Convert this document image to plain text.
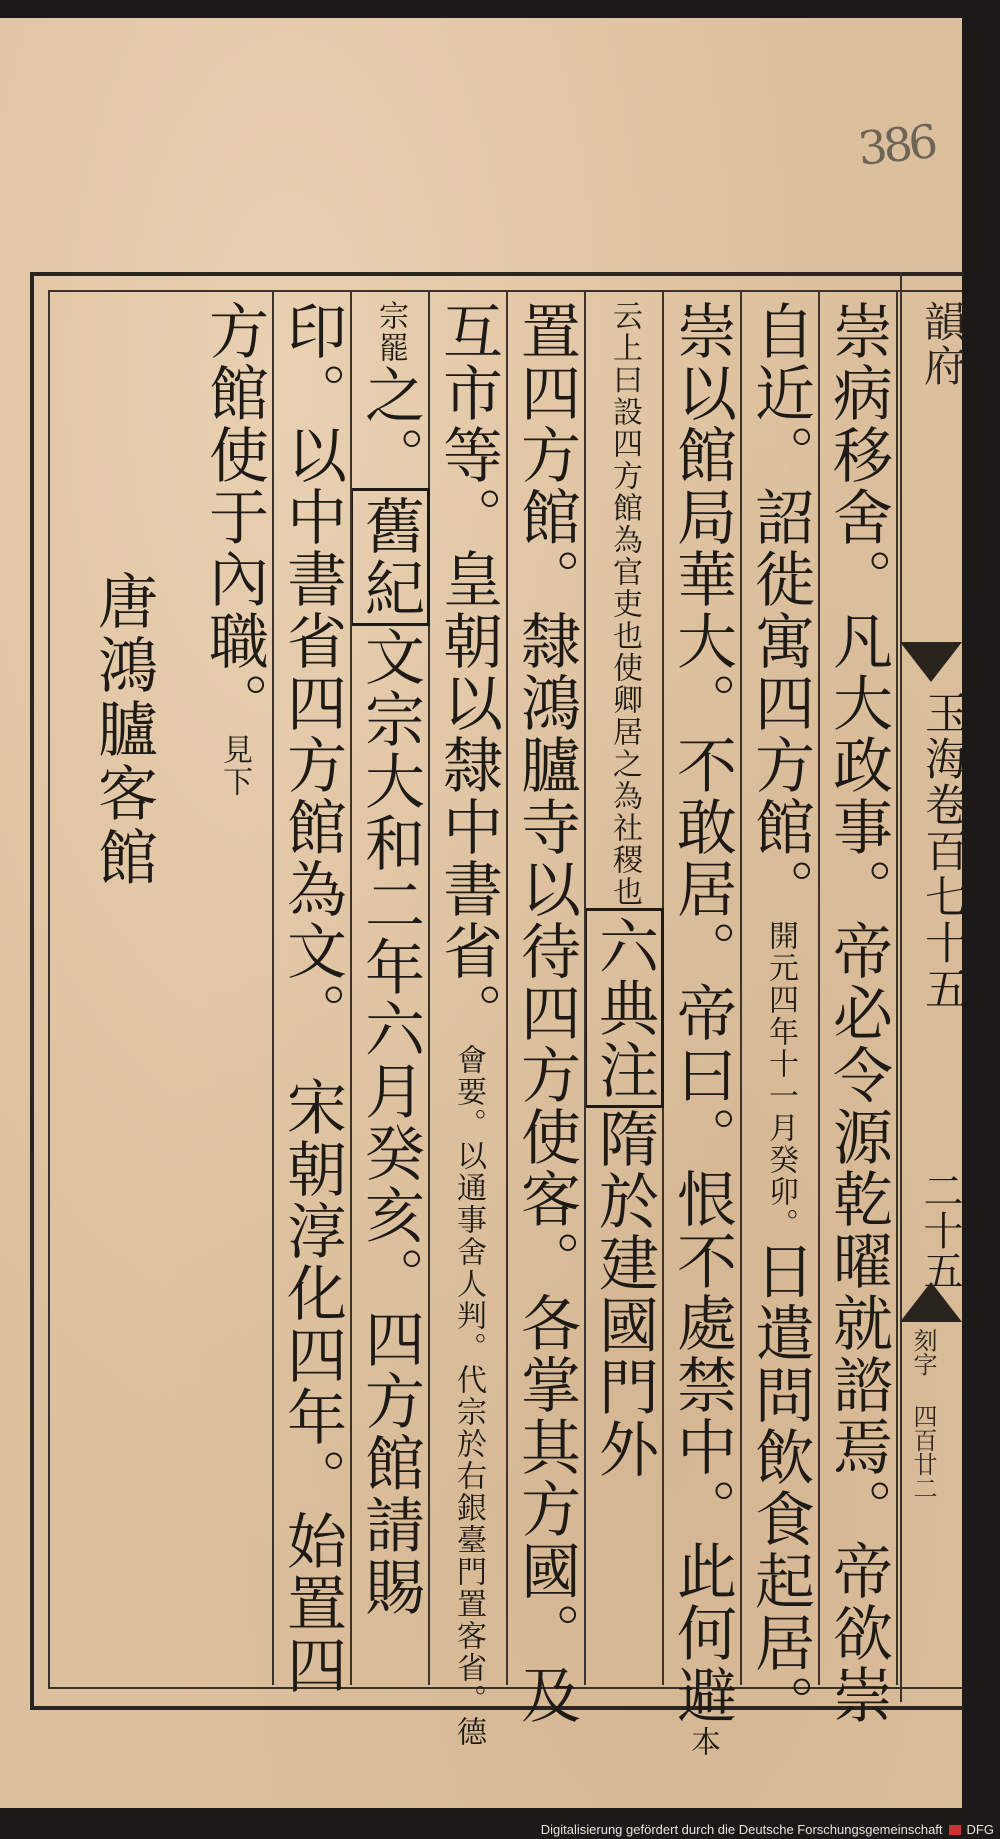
386
韻府
玉海卷百七十五
二十五
刻字 四百廿二
崇病移舍。凡大政事。帝必令源乾曜就諮焉。帝欲崇
自近。詔徙寓四方館。開元四年十一月癸卯。日遣問飲食起居。
崇以館局華大。不敢居。帝曰。恨不處禁中。此何避本
云上曰設四方館為官吏也使卿居之為社稷也六典注隋於建國門外
置四方館。隸鴻臚寺以待四方使客。各掌其方國。及
互市等。皇朝以隸中書省。會要。以通事舍人判。代宗於右銀臺門置客省。德
宗罷之。舊紀文宗大和二年六月癸亥。四方館請賜
印。以中書省四方館為文。　宋朝淳化四年。始置四
方館使于內職。見下
唐鴻臚客館
Digitalisierung gefördert durch die Deutsche Forschungsgemeinschaft DFG
